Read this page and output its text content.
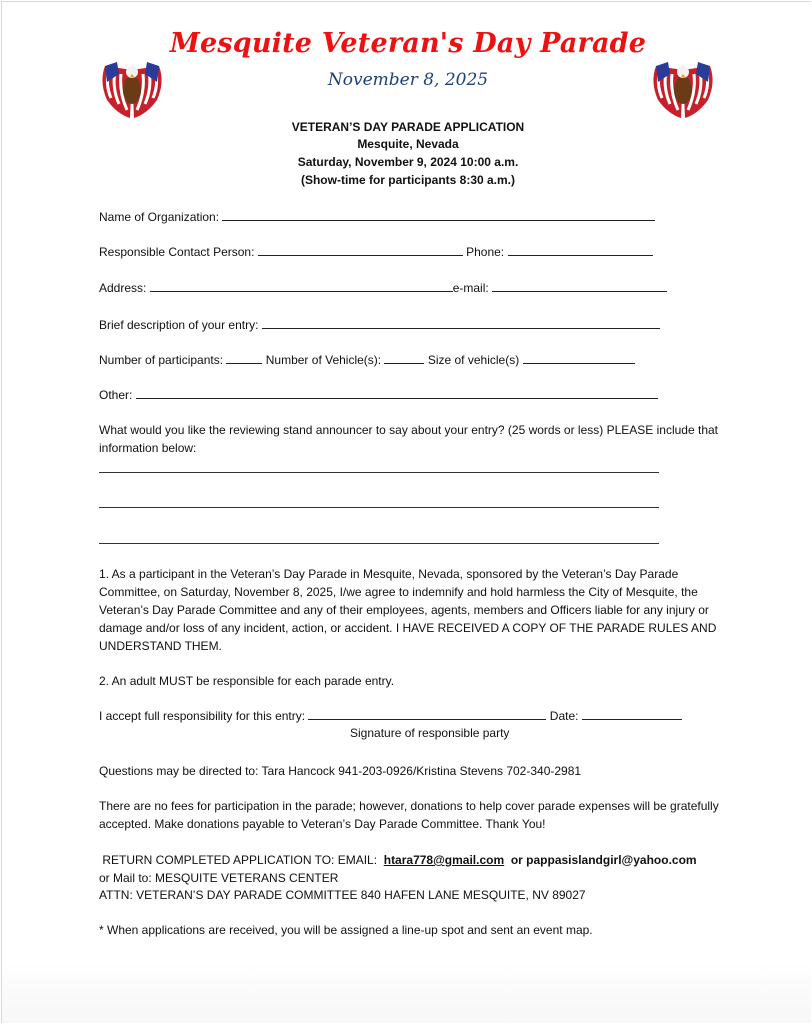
Mesquite Veteran's Day Parade
November 8, 2025
VETERAN’S DAY PARADE APPLICATION
Mesquite, Nevada
Saturday, November 9, 2024 10:00 a.m.
(Show-time for participants 8:30 a.m.)
Name of Organization:
Responsible Contact Person:	Phone:
Address:	e-mail:
Brief description of your entry:
Number of participants:	Number of Vehicle(s):	Size of vehicle(s)
Other:
What would you like the reviewing stand announcer to say about your entry? (25 words or less) PLEASE include that information below:
1. As a participant in the Veteran’s Day Parade in Mesquite, Nevada, sponsored by the Veteran’s Day Parade Committee, on Saturday, November 8, 2025, I/we agree to indemnify and hold harmless the City of Mesquite, the Veteran’s Day Parade Committee and any of their employees, agents, members and Officers liable for any injury or damage and/or loss of any incident, action, or accident. I HAVE RECEIVED A COPY OF THE PARADE RULES AND UNDERSTAND THEM.
2. An adult MUST be responsible for each parade entry.
I accept full responsibility for this entry:	Date:
Signature of responsible party
Questions may be directed to: Tara Hancock 941-203-0926/Kristina Stevens 702-340-2981
There are no fees for participation in the parade; however, donations to help cover parade expenses will be gratefully accepted. Make donations payable to Veteran’s Day Parade Committee. Thank You!
RETURN COMPLETED APPLICATION TO: EMAIL:  htara778@gmail.com  or pappasislandgirl@yahoo.com
or Mail to: MESQUITE VETERANS CENTER
ATTN: VETERAN’S DAY PARADE COMMITTEE 840 HAFEN LANE MESQUITE, NV 89027
* When applications are received, you will be assigned a line-up spot and sent an event map.
